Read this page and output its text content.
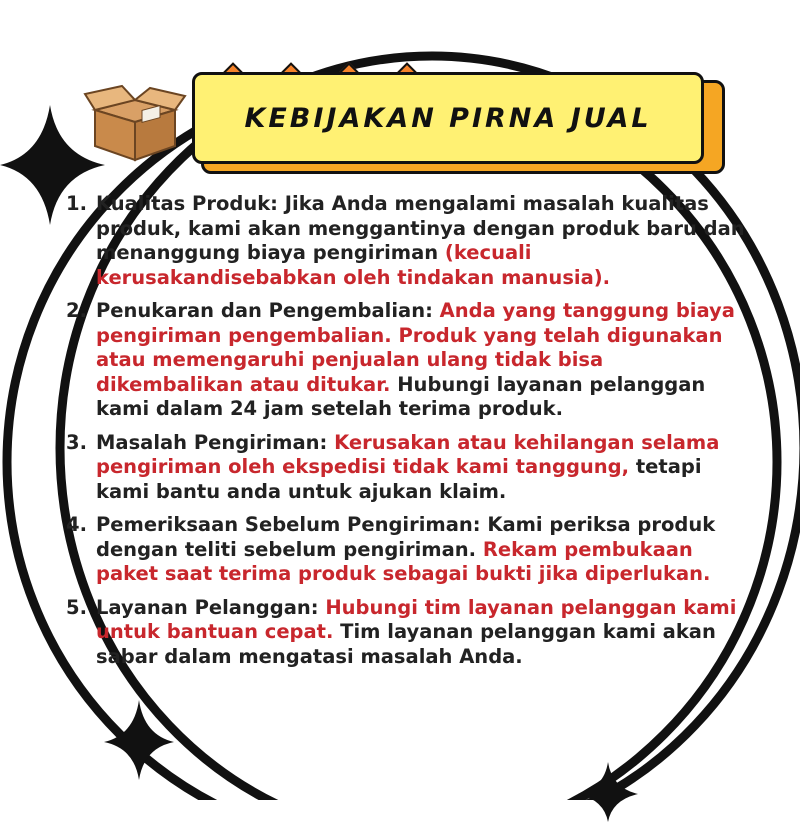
KEBIJAKAN PIRNA JUAL
1. Kualitas Produk: Jika Anda mengalami masalah kualitas produk, kami akan menggantinya dengan produk baru dan menanggung biaya pengiriman (kecuali kerusakandisebabkan oleh tindakan manusia).
2. Penukaran dan Pengembalian: Anda yang tanggung biaya pengiriman pengembalian. Produk yang telah digunakan atau memengaruhi penjualan ulang tidak bisa dikembalikan atau ditukar. Hubungi layanan pelanggan kami dalam 24 jam setelah terima produk.
3. Masalah Pengiriman: Kerusakan atau kehilangan selama pengiriman oleh ekspedisi tidak kami tanggung, tetapi kami bantu anda untuk ajukan klaim.
4. Pemeriksaan Sebelum Pengiriman: Kami periksa produk dengan teliti sebelum pengiriman. Rekam pembukaan paket saat terima produk sebagai bukti jika diperlukan.
5. Layanan Pelanggan: Hubungi tim layanan pelanggan kami untuk bantuan cepat. Tim layanan pelanggan kami akan sabar dalam mengatasi masalah Anda.
